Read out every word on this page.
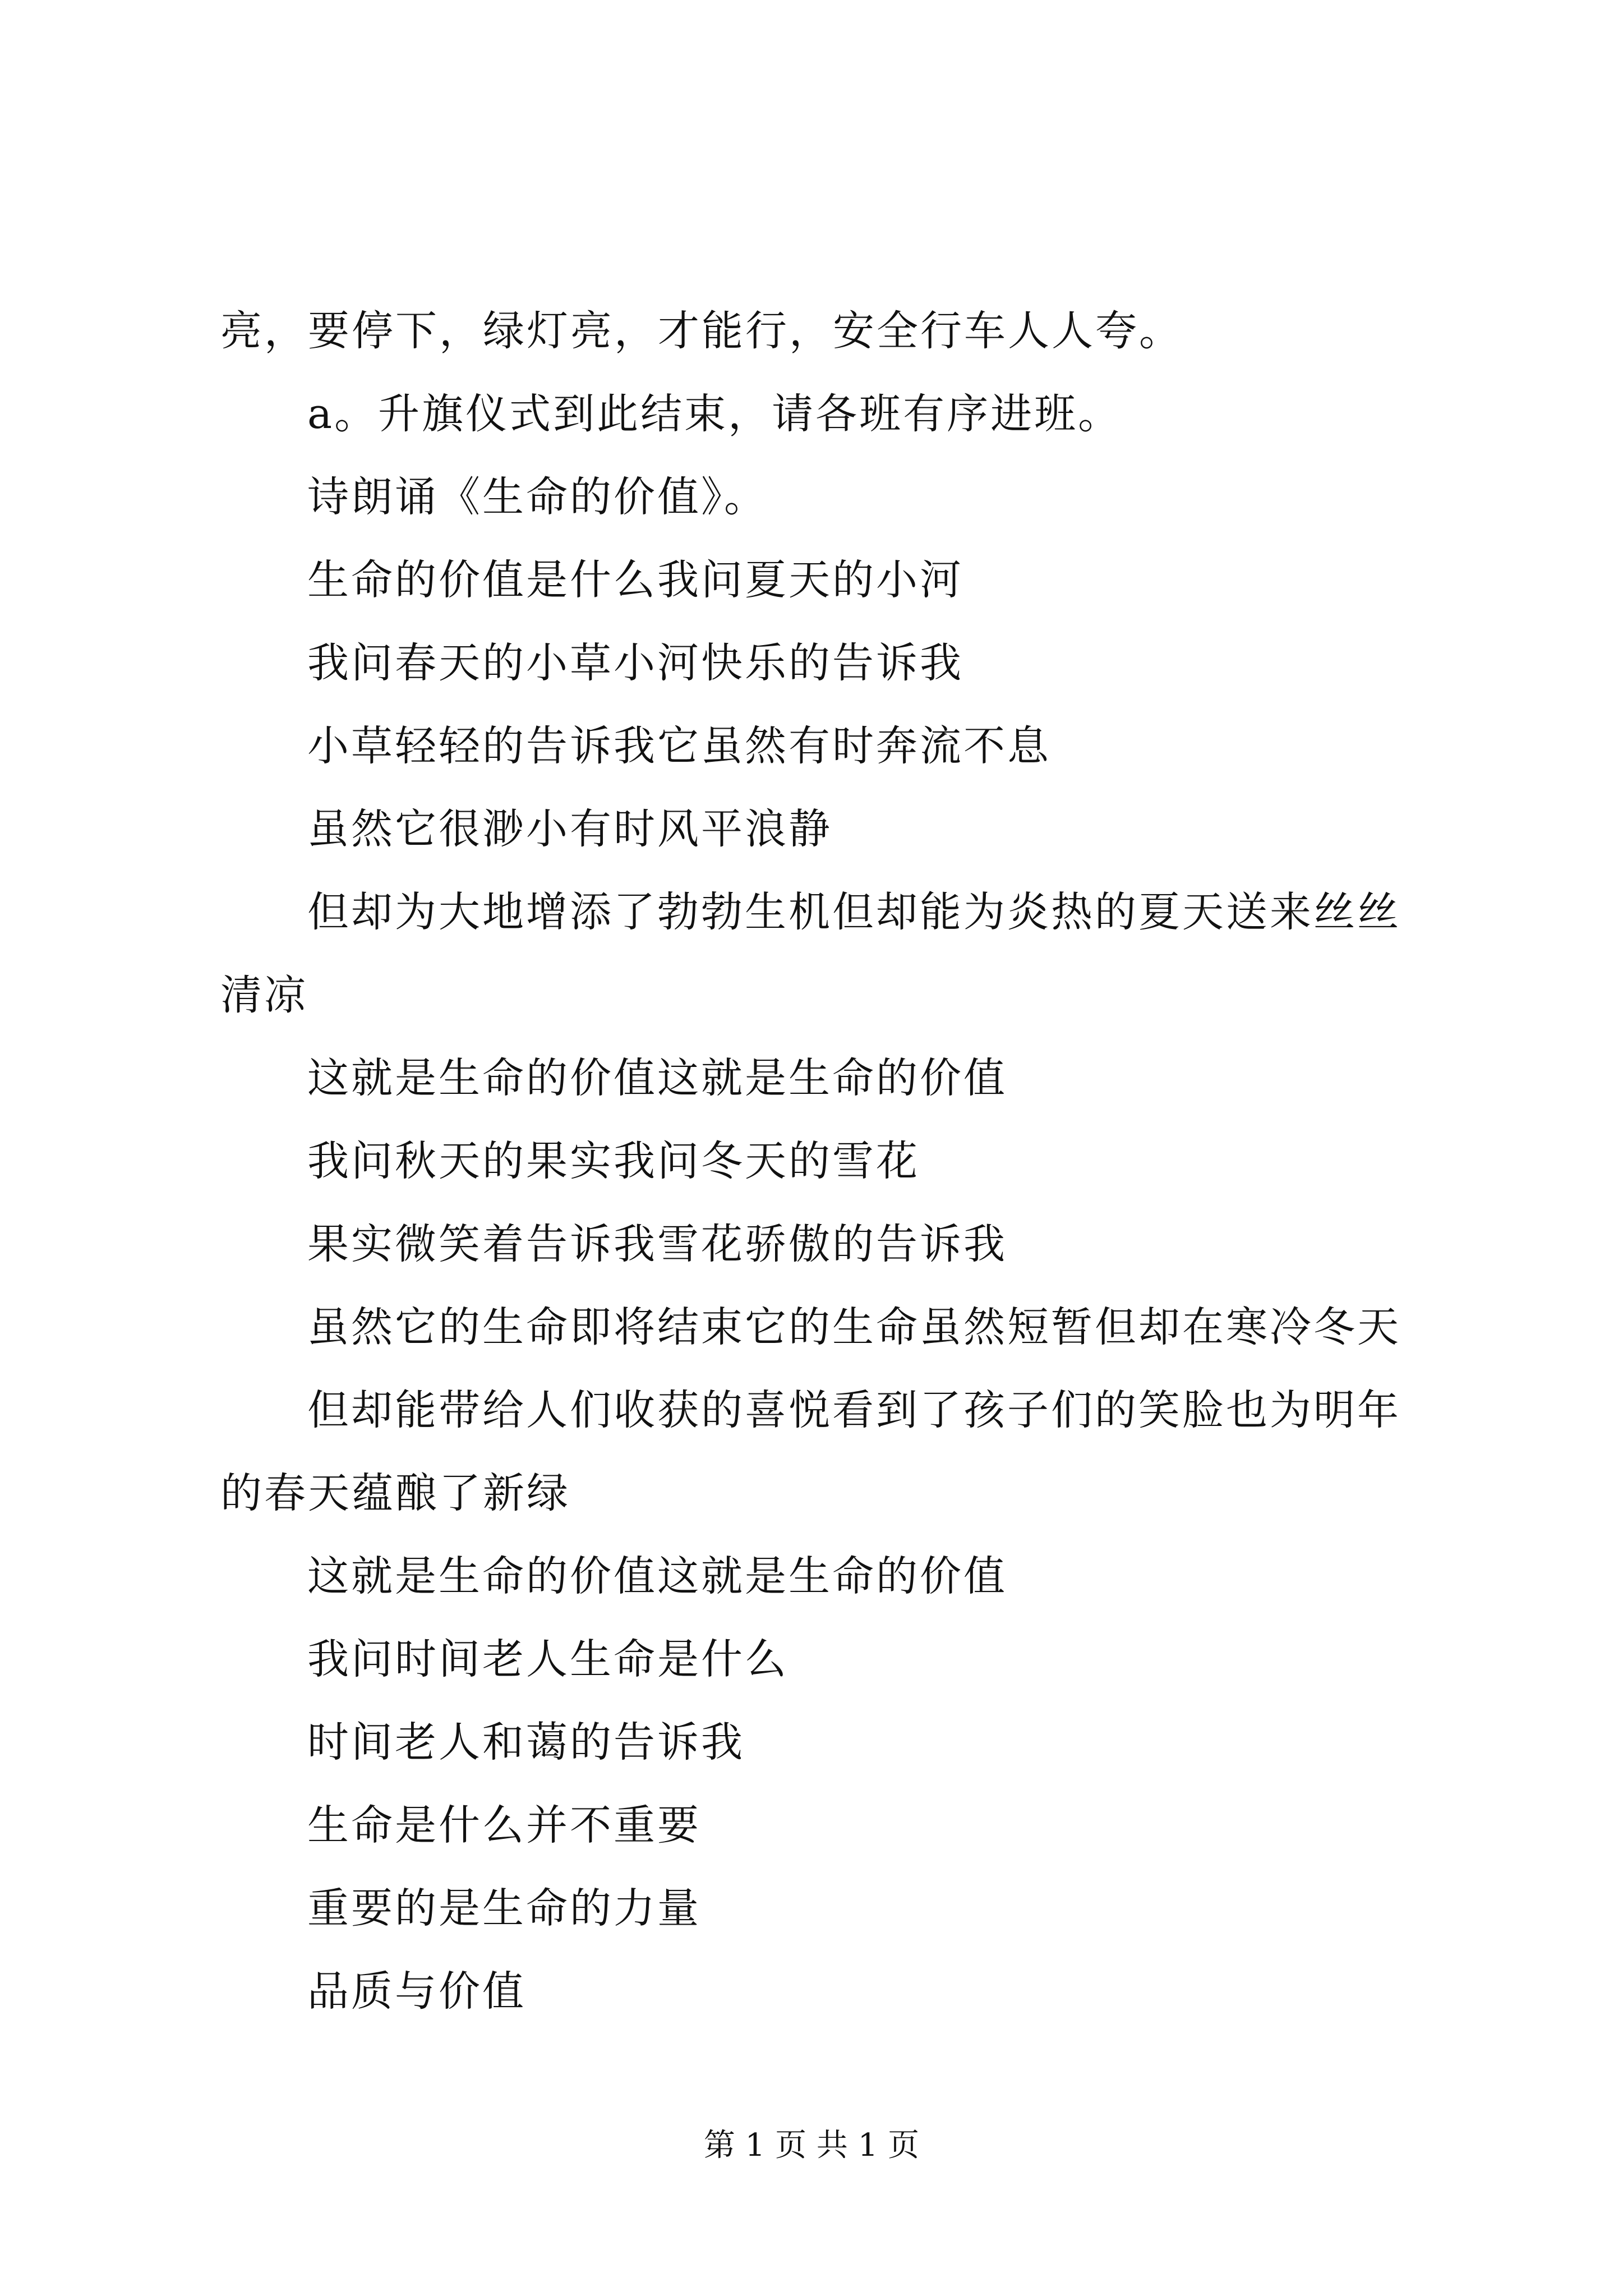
亮，要停下，绿灯亮，才能行，安全行车人人夸。
a。升旗仪式到此结束，请各班有序进班。
诗朗诵《生命的价值》。
生命的价值是什么我问夏天的小河
我问春天的小草小河快乐的告诉我
小草轻轻的告诉我它虽然有时奔流不息
虽然它很渺小有时风平浪静
但却为大地增添了勃勃生机但却能为炎热的夏天送来丝丝
清凉
这就是生命的价值这就是生命的价值
我问秋天的果实我问冬天的雪花
果实微笑着告诉我雪花骄傲的告诉我
虽然它的生命即将结束它的生命虽然短暂但却在寒冷冬天
但却能带给人们收获的喜悦看到了孩子们的笑脸也为明年
的春天蕴酿了新绿
这就是生命的价值这就是生命的价值
我问时间老人生命是什么
时间老人和蔼的告诉我
生命是什么并不重要
重要的是生命的力量
品质与价值
第 1 页 共 1 页
